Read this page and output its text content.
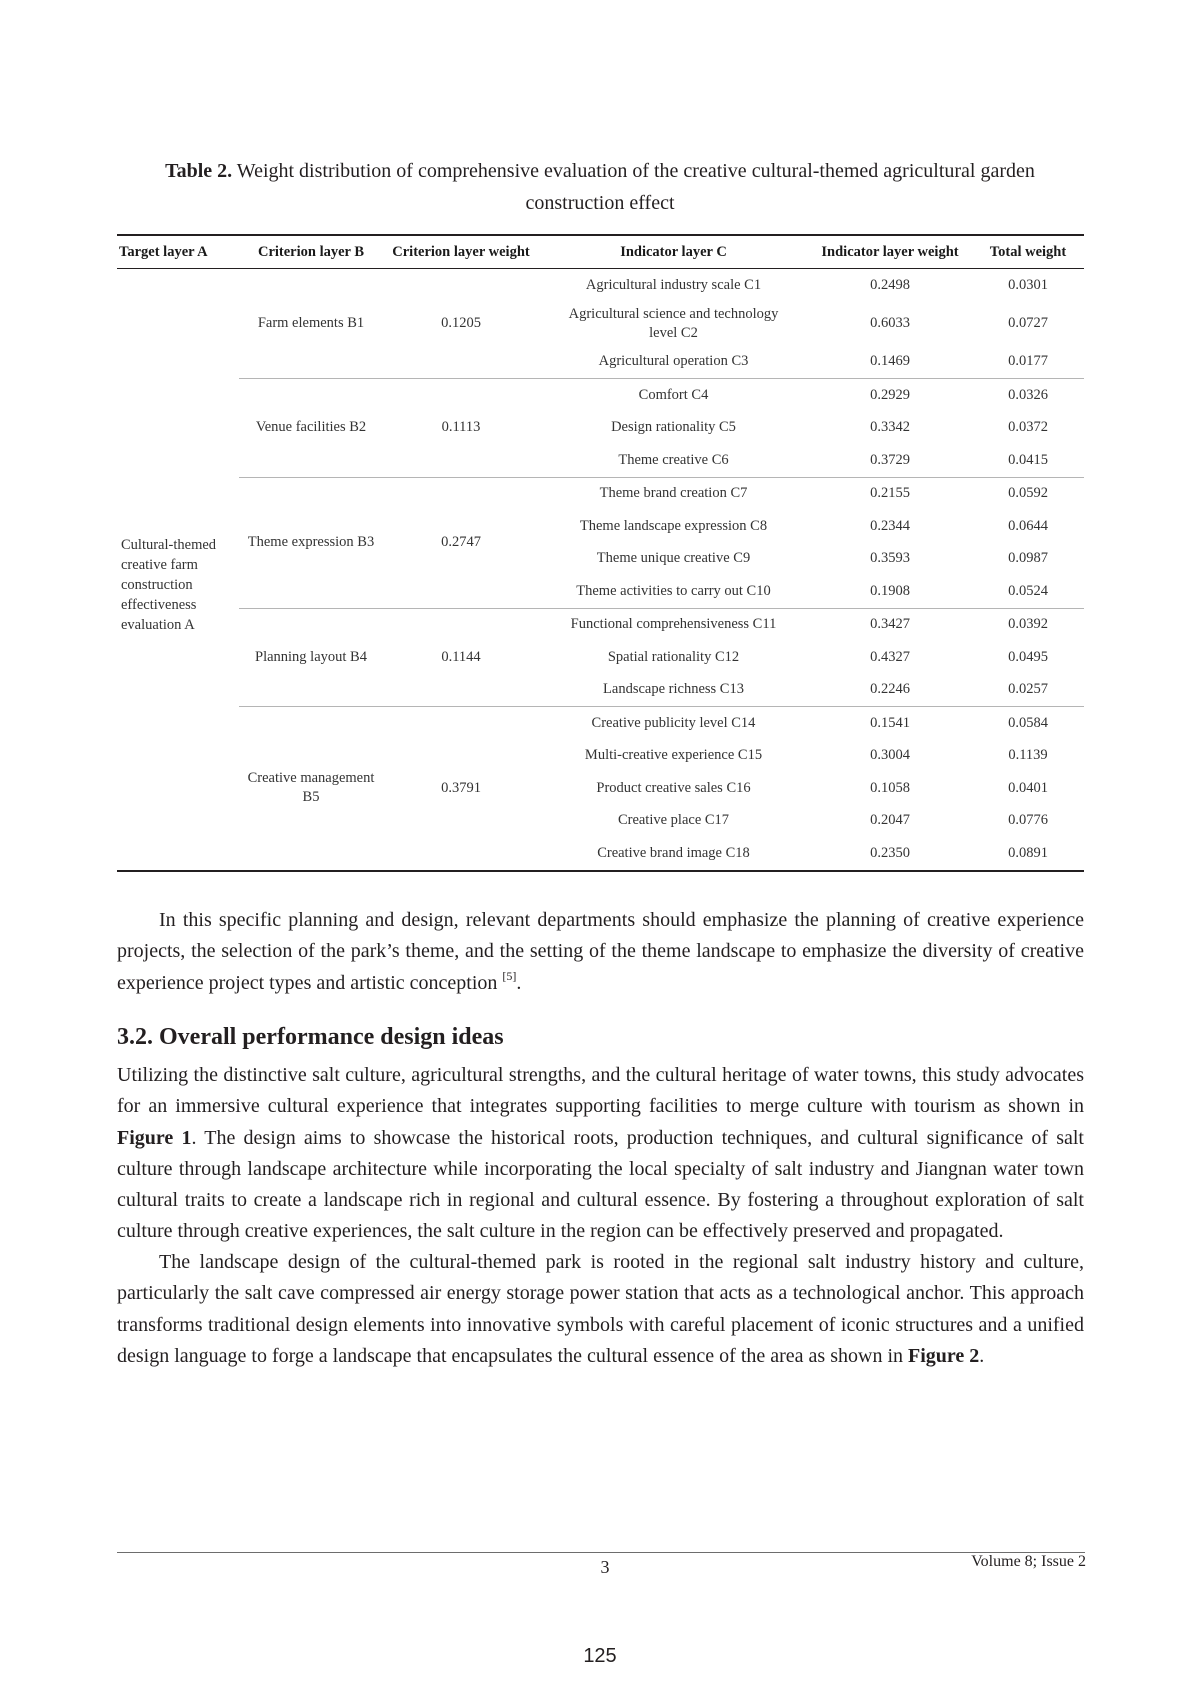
Table 2. Weight distribution of comprehensive evaluation of the creative cultural-themed agricultural garden construction effect
Target layer A	Criterion layer B	Criterion layer weight	Indicator layer C	Indicator layer weight	Total weight

Cultural-themed creative farm construction effectiveness evaluation A	Farm elements B1	0.1205	Agricultural industry scale C1	0.2498	0.0301

			Agricultural science and technology level C2	0.6033	0.0727
			Agricultural operation C3	0.1469	0.0177
	Venue facilities B2	0.1113	Comfort C4	0.2929	0.0326
			Design rationality C5	0.3342	0.0372
			Theme creative C6	0.3729	0.0415
	Theme expression B3	0.2747	Theme brand creation C7	0.2155	0.0592
			Theme landscape expression C8	0.2344	0.0644
			Theme unique creative C9	0.3593	0.0987
			Theme activities to carry out C10	0.1908	0.0524
	Planning layout B4	0.1144	Functional comprehensiveness C11	0.3427	0.0392
			Spatial rationality C12	0.4327	0.0495
			Landscape richness C13	0.2246	0.0257

	Creative management B5	0.3791	Creative publicity level C14	0.1541	0.0584
			Multi-creative experience C15	0.3004	0.1139
			Product creative sales C16	0.1058	0.0401
			Creative place C17	0.2047	0.0776
			Creative brand image C18	0.2350	0.0891
In this specific planning and design, relevant departments should emphasize the planning of creative experience projects, the selection of the park’s theme, and the setting of the theme landscape to emphasize the diversity of creative experience project types and artistic conception [5].
3.2. Overall performance design ideas
Utilizing the distinctive salt culture, agricultural strengths, and the cultural heritage of water towns, this study advocates for an immersive cultural experience that integrates supporting facilities to merge culture with tourism as shown in Figure 1. The design aims to showcase the historical roots, production techniques, and cultural significance of salt culture through landscape architecture while incorporating the local specialty of salt industry and Jiangnan water town cultural traits to create a landscape rich in regional and cultural essence. By fostering a throughout exploration of salt culture through creative experiences, the salt culture in the region can be effectively preserved and propagated.
The landscape design of the cultural-themed park is rooted in the regional salt industry history and culture, particularly the salt cave compressed air energy storage power station that acts as a technological anchor. This approach transforms traditional design elements into innovative symbols with careful placement of iconic structures and a unified design language to forge a landscape that encapsulates the cultural essence of the area as shown in Figure 2.
3	Volume 8; Issue 2
125
